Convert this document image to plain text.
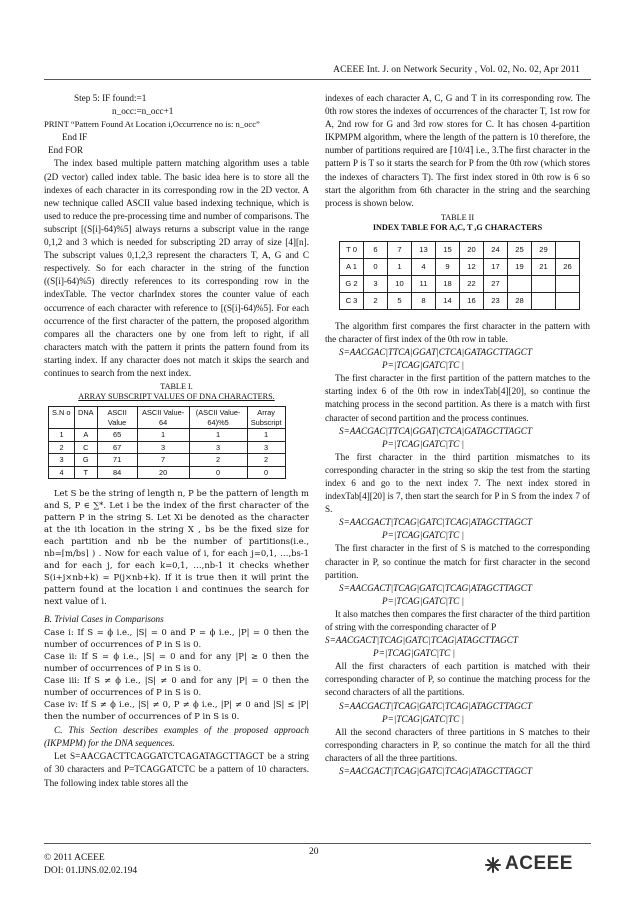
ACEEE Int. J. on Network Security , Vol. 02, No. 02, Apr 2011
Step 5: IF found:=1
n_occ:=n_occ+1
PRINT “Pattern Found At Location i,Occurrence no is: n_occ”
End IF
End FOR

The index based multiple pattern matching algorithm uses a table (2D vector) called index table. The basic idea here is to store all the indexes of each character in its corresponding row in the 2D vector. A new technique called ASCII value based indexing technique, which is used to reduce the pre-processing time and number of comparisons. The subscript [(S[i]-64)%5] always returns a subscript value in the range 0,1,2 and 3 which is needed for subscripting 2D array of size [4][n]. The subscript values 0,1,2,3 represent the characters T, A, G and C respectively. So for each character in the string of the function ((S[i]-64)%5) directly references to its corresponding row in the indexTable. The vector charIndex stores the counter value of each occurrence of each character with reference to [(S[i]-64)%5]. For each occurrence of the first character of the pattern, the proposed algorithm compares all the characters one by one from left to right, if all characters match with the pattern it prints the pattern found from its starting index. If any character does not match it skips the search and continues to search from the next index.

TABLE I.
ARRAY SUBSCRIPT VALUES OF DNA CHARACTERS.
S.N o	DNA	ASCII Value	ASCII Value-64	(ASCII Value-64)%5	Array Subscript
1	A	65	1	1	1
2	C	67	3	3	3
3	G	71	7	2	2
4	T	84	20	0	0

Let S be the string of length n, P be the pattern of length m and S, P ∈ ∑*. Let i be the index of the first character of the pattern P in the string S. Let Xi be denoted as the character at the ith location in the string X , bs be the fixed size for each partition and nb be the number of partitions(i.e., nb=⌈m/bs⌉ ) . Now for each value of i, for each j=0,1, …,bs-1 and for each j, for each k=0,1, …,nb-1 it checks whether S(i+j×nb+k) = P(j×nb+k). If it is true then it will print the pattern found at the location i and continues the search for next value of i.

B. Trivial Cases in Comparisons

Case i: If S = ϕ i.e., |S| = 0 and P = ϕ i.e., |P| = 0 then the number of occurrences of P in S is 0.

Case ii: If S = ϕ i.e., |S| = 0 and for any |P| ≥ 0 then the number of occurrences of P in S is 0.

Case iii: If S ≠ ϕ i.e., |S| ≠ 0 and for any |P| = 0 then the number of occurrences of P in S is 0.

Case iv: If S ≠ ϕ i.e., |S| ≠ 0, P ≠ ϕ i.e., |P| ≠ 0 and |S| ≤ |P| then the number of occurrences of P in S is 0.

C. This Section describes examples of the proposed approach (IKPMPM) for the DNA sequences.

Let S=AACGACTTCAGGATCTCAGATAGCTTAGCT be a string of 30 characters and P=TCAGGATCTC be a pattern of 10 characters. The following index table stores all the

indexes of each character A, C, G and T in its corresponding row. The 0th row stores the indexes of occurrences of the character T, 1st row for A, 2nd row for G and 3rd row stores for C. It has chosen 4-partition IKPMPM algorithm, where the length of the pattern is 10 therefore, the number of partitions required are ⌈10/4⌉ i.e., 3.The first character in the pattern P is T so it starts the search for P from the 0th row (which stores the indexes of characters T). The first index stored in 0th row is 6 so start the algorithm from 6th character in the string and the searching process is shown below.

TABLE II
INDEX TABLE FOR A,C, T ,G CHARACTERS
T 0	6	7	13	15	20	24	25	29	
A 1	0	1	4	9	12	17	19	21	26
G 2	3	10	11	18	22	27			
C 3	2	5	8	14	16	23	28		

The algorithm first compares the first character in the pattern with the character of first index of the 0th row in table.

S=AACGAC|TTCA|GGAT|CTCA|GATAGCTTAGCT
P=|TCAG|GATC|TC |

The first character in the first partition of the pattern matches to the starting index 6 of the 0th row in indexTab[4][20], so continue the matching process in the second partition. As there is a match with first character of second partition and the process continues.

S=AACGAC|TTCA|GGAT|CTCA|GATAGCTTAGCT
P=|TCAG|GATC|TC |

The first character in the third partition mismatches to its corresponding character in the string so skip the test from the starting index 6 and go to the next index 7. The next index stored in indexTab[4][20] is 7, then start the search for P in S from the index 7 of S.

S=AACGACT|TCAG|GATC|TCAG|ATAGCTTAGCT
P=|TCAG|GATC|TC |

The first character in the first of S is matched to the corresponding character in P, so continue the match for first character in the second partition.

S=AACGACT|TCAG|GATC|TCAG|ATAGCTTAGCT
P=|TCAG|GATC|TC |

It also matches then compares the first character of the third partition of string with the corresponding character of P

S=AACGACT|TCAG|GATC|TCAG|ATAGCTTAGCT
P=|TCAG|GATC|TC |

All the first characters of each partition is matched with their corresponding character of P, so continue the matching process for the second characters of all the partitions.

S=AACGACT|TCAG|GATC|TCAG|ATAGCTTAGCT
P=|TCAG|GATC|TC |

All the second characters of three partitions in S matches to their corresponding characters in P, so continue the match for all the third characters of all the three partitions.

S=AACGACT|TCAG|GATC|TCAG|ATAGCTTAGCT
20
© 2011 ACEEE
DOI: 01.IJNS.02.02.194	ACEEE
